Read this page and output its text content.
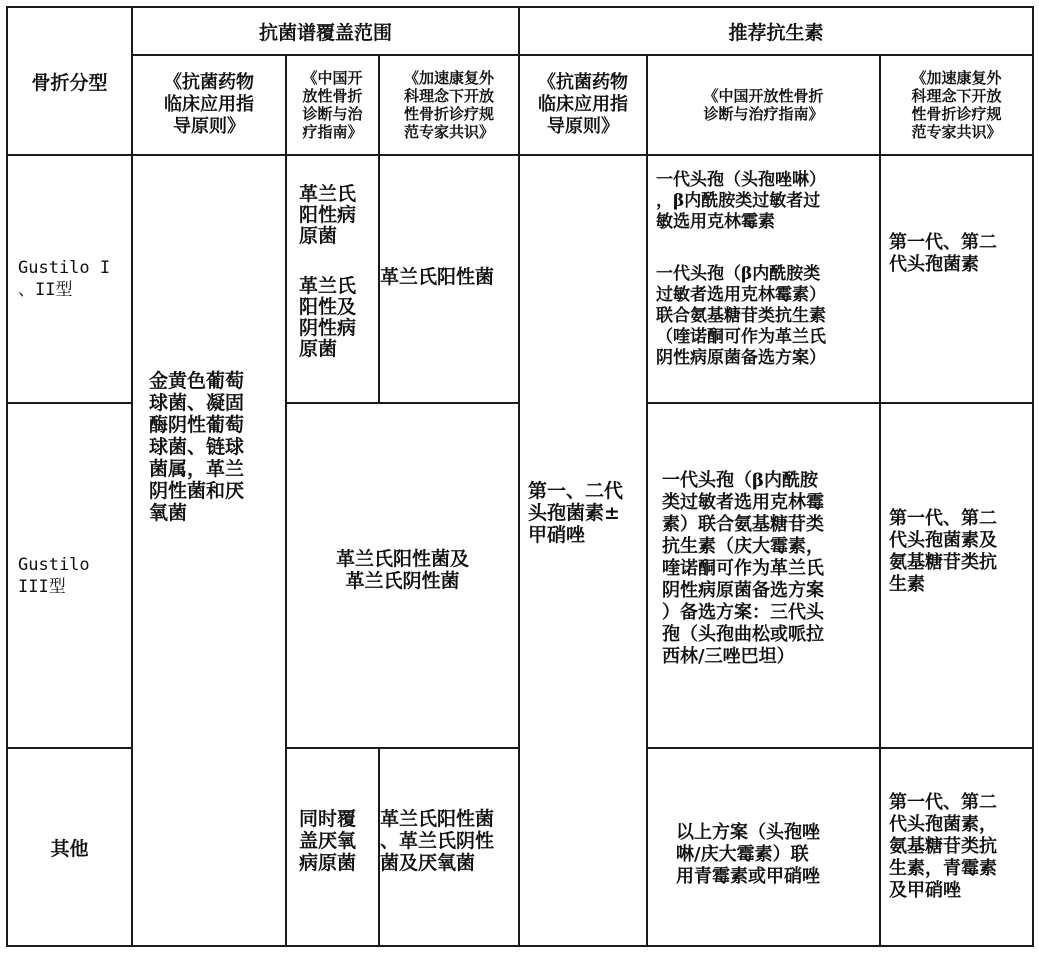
骨折分型
抗菌谱覆盖范围	推荐抗生素
《抗菌药物
临床应用指
导原则》
《中国开
放性骨折
诊断与治
疗指南》
《加速康复外
科理念下开放
性骨折诊疗规
范专家共识》
《抗菌药物
临床应用指
导原则》
《中国开放性骨折
诊断与治疗指南》
《加速康复外
科理念下开放
性骨折诊疗规
范专家共识》
Gustilo I
、II型
Gustilo
III型
其他
金黄色葡萄
球菌、凝固
酶阴性葡萄
球菌、链球
菌属，革兰
阴性菌和厌
氧菌
革兰氏
阳性病
原菌
革兰氏
阳性及
阴性病
原菌
革兰氏阳性菌
革兰氏阳性菌及
革兰氏阴性菌
同时覆
盖厌氧
病原菌
革兰氏阳性菌
、革兰氏阴性
菌及厌氧菌
第一、二代
头孢菌素±
甲硝唑
一代头孢（头孢唑啉）
，β内酰胺类过敏者过
敏选用克林霉素
一代头孢（β内酰胺类
过敏者选用克林霉素）
联合氨基糖苷类抗生素
（喹诺酮可作为革兰氏
阴性病原菌备选方案）
第一代、第二
代头孢菌素
一代头孢（β内酰胺
类过敏者选用克林霉
素）联合氨基糖苷类
抗生素（庆大霉素，
喹诺酮可作为革兰氏
阴性病原菌备选方案
）备选方案：三代头
孢（头孢曲松或哌拉
西林/三唑巴坦）
第一代、第二
代头孢菌素及
氨基糖苷类抗
生素
以上方案（头孢唑
啉/庆大霉素）联
用青霉素或甲硝唑
第一代、第二
代头孢菌素，
氨基糖苷类抗
生素，青霉素
及甲硝唑
